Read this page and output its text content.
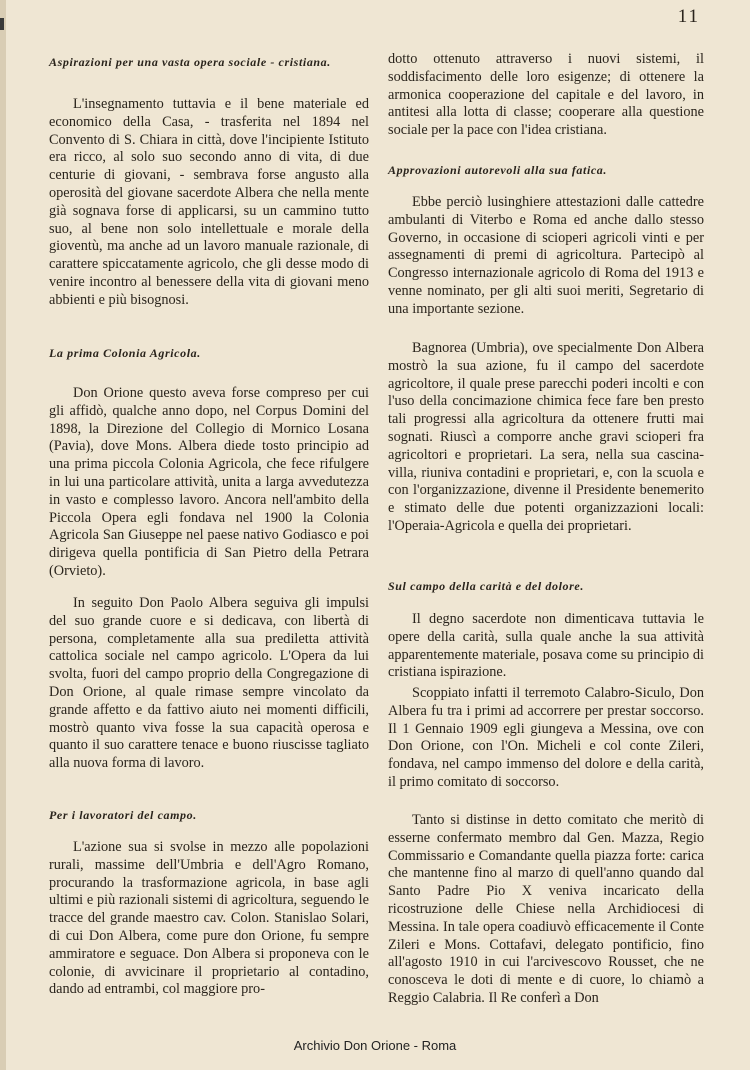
11

Aspirazioni per una vasta opera sociale - cristiana.

L'insegnamento tuttavia e il bene materiale ed economico della Casa, - trasferita nel 1894 nel Convento di S. Chiara in città, dove l'incipiente Istituto era ricco, al solo suo secondo anno di vita, di due centurie di giovani, - sembrava forse angusto alla operosità del giovane sacerdote Albera che nella mente già sognava forse di applicarsi, su un cammino tutto suo, al bene non solo intellettuale e morale della gioventù, ma anche ad un lavoro manuale razionale, di carattere spiccatamente agricolo, che gli desse modo di venire incontro al benessere della vita di giovani meno abbienti e più bisognosi.

La prima Colonia Agricola.

Don Orione questo aveva forse compreso per cui gli affidò, qualche anno dopo, nel Corpus Domini del 1898, la Direzione del Collegio di Mornico Losana (Pavia), dove Mons. Albera diede tosto principio ad una prima piccola Colonia Agricola, che fece rifulgere in lui una particolare attività, unita a larga avvedutezza in vasto e complesso lavoro. Ancora nell'ambito della Piccola Opera egli fondava nel 1900 la Colonia Agricola San Giuseppe nel paese nativo Godiasco e poi dirigeva quella pontificia di San Pietro della Petrara (Orvieto).

In seguito Don Paolo Albera seguiva gli impulsi del suo grande cuore e si dedicava, con libertà di persona, completamente alla sua prediletta attività cattolica sociale nel campo agricolo. L'Opera da lui svolta, fuori del campo proprio della Congregazione di Don Orione, al quale rimase sempre vincolato da grande affetto e da fattivo aiuto nei momenti difficili, mostrò quanto viva fosse la sua capacità operosa e quanto il suo carattere tenace e buono riuscisse tagliato alla nuova forma di lavoro.

Per i lavoratori del campo.

L'azione sua si svolse in mezzo alle popolazioni rurali, massime dell'Umbria e dell'Agro Romano, procurando la trasformazione agricola, in base agli ultimi e più razionali sistemi di agricoltura, seguendo le tracce del grande maestro cav. Colon. Stanislao Solari, di cui Don Albera, come pure don Orione, fu sempre ammiratore e seguace. Don Albera si proponeva con le colonie, di avvicinare il proprietario al contadino, dando ad entrambi, col maggiore pro-

dotto ottenuto attraverso i nuovi sistemi, il soddisfacimento delle loro esigenze; di ottenere la armonica cooperazione del capitale e del lavoro, in antitesi alla lotta di classe; cooperare alla questione sociale per la pace con l'idea cristiana.

Approvazioni autorevoli alla sua fatica.

Ebbe perciò lusinghiere attestazioni dalle cattedre ambulanti di Viterbo e Roma ed anche dallo stesso Governo, in occasione di scioperi agricoli vinti e per assegnamenti di premi di agricoltura. Partecipò al Congresso internazionale agricolo di Roma del 1913 e venne nominato, per gli alti suoi meriti, Segretario di una importante sezione.

Bagnorea (Umbria), ove specialmente Don Albera mostrò la sua azione, fu il campo del sacerdote agricoltore, il quale prese parecchi poderi incolti e con l'uso della concimazione chimica fece fare ben presto tali progressi alla agricoltura da ottenere frutti mai sognati. Riuscì a comporre anche gravi scioperi fra agricoltori e proprietari. La sera, nella sua cascina-villa, riuniva contadini e proprietari, e, con la scuola e con l'organizzazione, divenne il Presidente benemerito e stimato delle due potenti organizzazioni locali: l'Operaia-Agricola e quella dei proprietari.

Sul campo della carità e del dolore.

Il degno sacerdote non dimenticava tuttavia le opere della carità, sulla quale anche la sua attività apparentemente materiale, posava come su principio di cristiana ispirazione.

Scoppiato infatti il terremoto Calabro-Siculo, Don Albera fu tra i primi ad accorrere per prestar soccorso. Il 1 Gennaio 1909 egli giungeva a Messina, ove con Don Orione, con l'On. Micheli e col conte Zileri, fondava, nel campo immenso del dolore e della carità, il primo comitato di soccorso.

Tanto si distinse in detto comitato che meritò di esserne confermato membro dal Gen. Mazza, Regio Commissario e Comandante quella piazza forte: carica che mantenne fino al marzo di quell'anno quando dal Santo Padre Pio X veniva incaricato della ricostruzione delle Chiese nella Archidiocesi di Messina. In tale opera coadiuvò efficacemente il Conte Zileri e Mons. Cottafavi, delegato pontificio, fino all'agosto 1910 in cui l'arcivescovo Rousset, che ne conosceva le doti di mente e di cuore, lo chiamò a Reggio Calabria. Il Re conferì a Don

Archivio Don Orione - Roma
